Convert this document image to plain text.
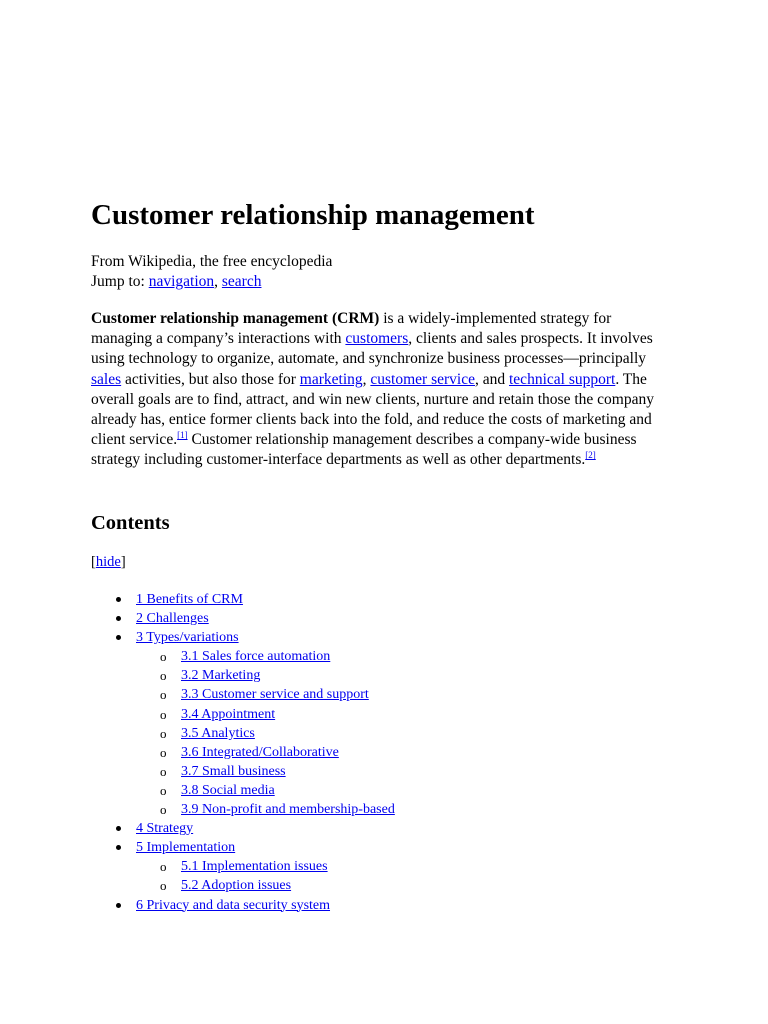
Customer relationship management
From Wikipedia, the free encyclopedia
Jump to: navigation, search

Customer relationship management (CRM) is a widely-implemented strategy for managing a company’s interactions with customers, clients and sales prospects. It involves using technology to organize, automate, and synchronize business processes—principally sales activities, but also those for marketing, customer service, and technical support. The overall goals are to find, attract, and win new clients, nurture and retain those the company already has, entice former clients back into the fold, and reduce the costs of marketing and client service.[1] Customer relationship management describes a company-wide business strategy including customer-interface departments as well as other departments.[2]

Contents
[hide]
1 Benefits of CRM
2 Challenges
3 Types/variations
o 3.1 Sales force automation
o 3.2 Marketing
o 3.3 Customer service and support
o 3.4 Appointment
o 3.5 Analytics
o 3.6 Integrated/Collaborative
o 3.7 Small business
o 3.8 Social media
o 3.9 Non-profit and membership-based
4 Strategy
5 Implementation
o 5.1 Implementation issues
o 5.2 Adoption issues
6 Privacy and data security system
